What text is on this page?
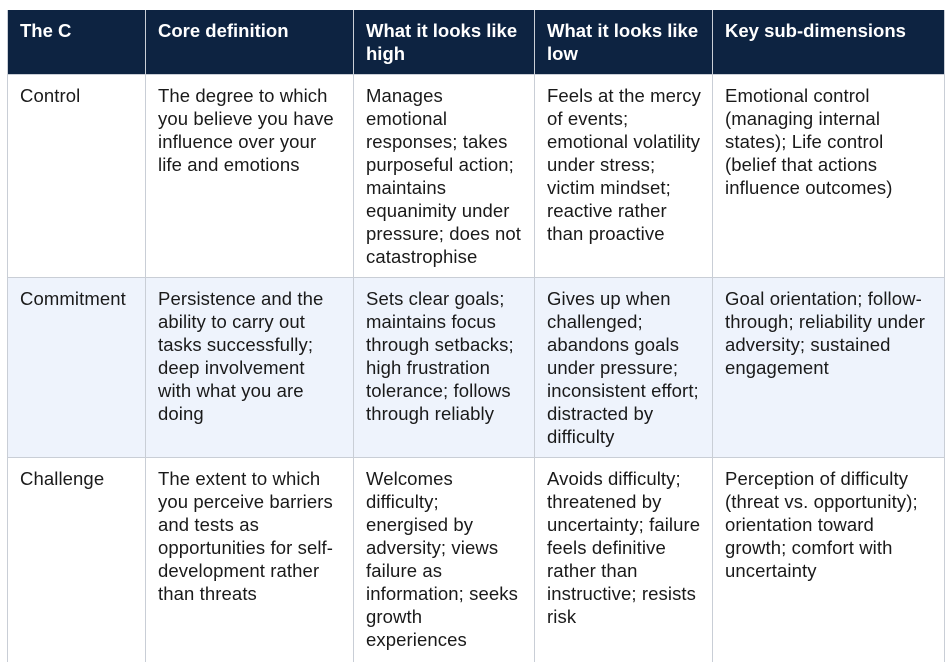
The C	Core definition	What it looks like high	What it looks like low	Key sub-dimensions
Control	The degree to which you believe you have influence over your life and emotions	Manages emotional responses; takes purposeful action; maintains equanimity under pressure; does not catastrophise	Feels at the mercy of events; emotional volatility under stress; victim mindset; reactive rather than proactive	Emotional control (managing internal states); Life control (belief that actions influence outcomes)
Commitment	Persistence and the ability to carry out tasks successfully; deep involvement with what you are doing	Sets clear goals; maintains focus through setbacks; high frustration tolerance; follows through reliably	Gives up when challenged; abandons goals under pressure; inconsistent effort; distracted by difficulty	Goal orientation; follow-through; reliability under adversity; sustained engagement
Challenge	The extent to which you perceive barriers and tests as opportunities for self-development rather than threats	Welcomes difficulty; energised by adversity; views failure as information; seeks growth experiences	Avoids difficulty; threatened by uncertainty; failure feels definitive rather than instructive; resists risk	Perception of difficulty (threat vs. opportunity); orientation toward growth; comfort with uncertainty
